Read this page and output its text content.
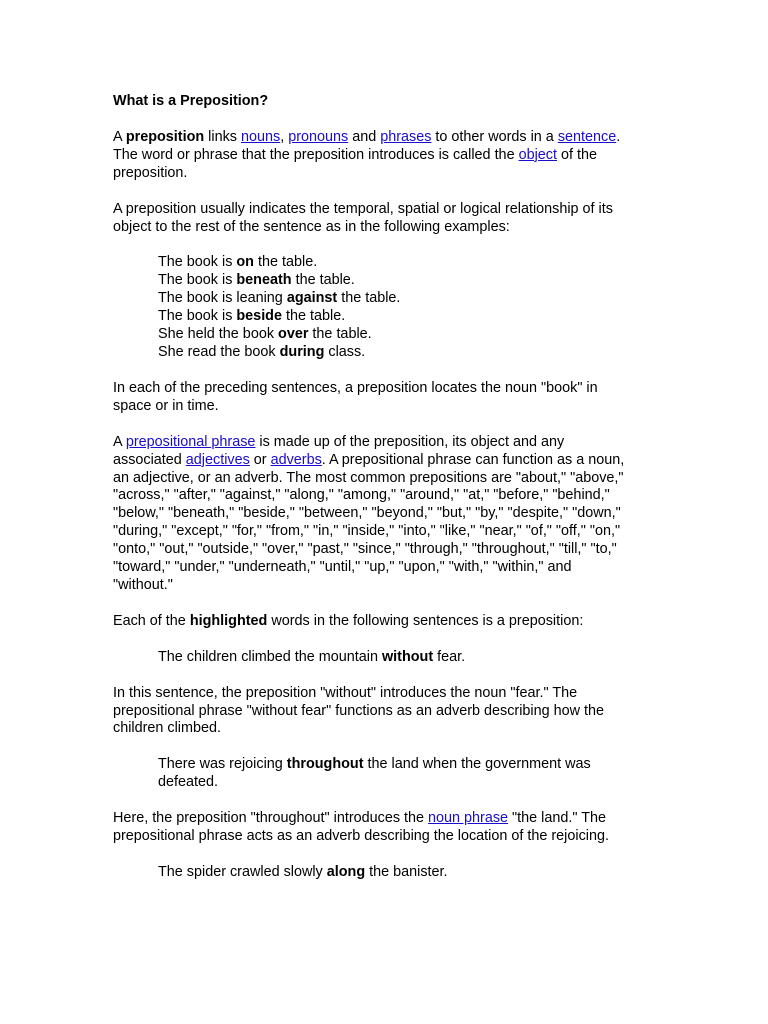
What is a Preposition?

A preposition links nouns, pronouns and phrases to other words in a sentence.
The word or phrase that the preposition introduces is called the object of the
preposition.

A preposition usually indicates the temporal, spatial or logical relationship of its
object to the rest of the sentence as in the following examples:

The book is on the table.
The book is beneath the table.
The book is leaning against the table.
The book is beside the table.
She held the book over the table.
She read the book during class.

In each of the preceding sentences, a preposition locates the noun "book" in
space or in time.

A prepositional phrase is made up of the preposition, its object and any
associated adjectives or adverbs. A prepositional phrase can function as a noun,
an adjective, or an adverb. The most common prepositions are "about," "above,"
"across," "after," "against," "along," "among," "around," "at," "before," "behind,"
"below," "beneath," "beside," "between," "beyond," "but," "by," "despite," "down,"
"during," "except," "for," "from," "in," "inside," "into," "like," "near," "of," "off," "on,"
"onto," "out," "outside," "over," "past," "since," "through," "throughout," "till," "to,"
"toward," "under," "underneath," "until," "up," "upon," "with," "within," and
"without."

Each of the highlighted words in the following sentences is a preposition:

The children climbed the mountain without fear.

In this sentence, the preposition "without" introduces the noun "fear." The
prepositional phrase "without fear" functions as an adverb describing how the
children climbed.

There was rejoicing throughout the land when the government was
defeated.

Here, the preposition "throughout" introduces the noun phrase "the land." The
prepositional phrase acts as an adverb describing the location of the rejoicing.

The spider crawled slowly along the banister.
